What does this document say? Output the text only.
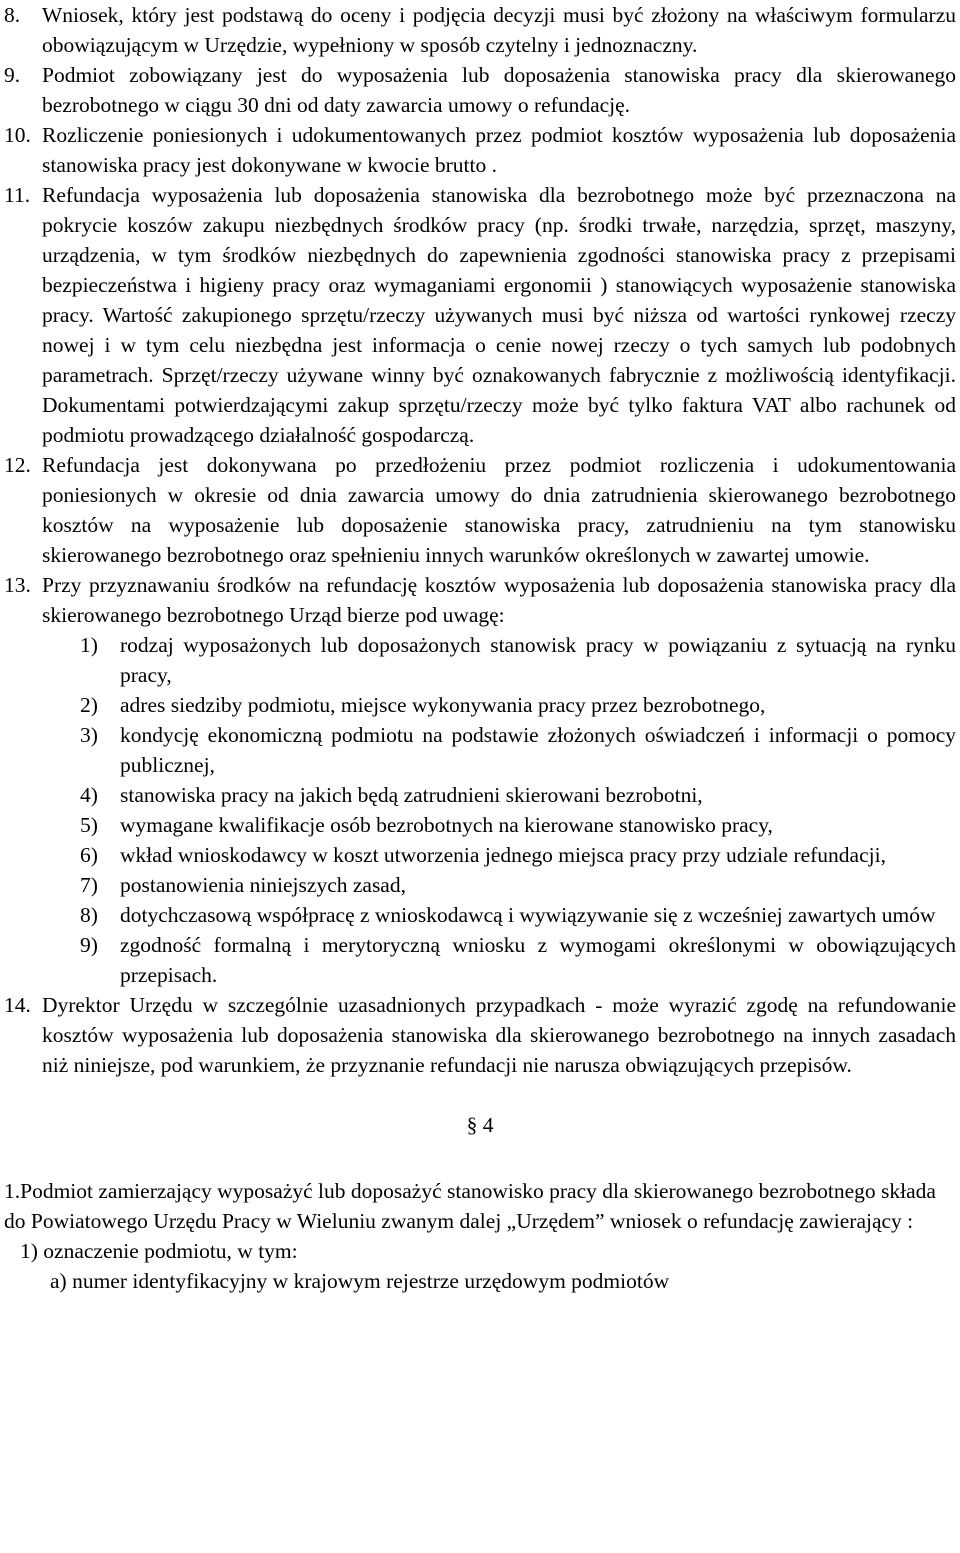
8. Wniosek, który jest podstawą do oceny i podjęcia decyzji musi być złożony na właściwym formularzu obowiązującym w Urzędzie, wypełniony w sposób czytelny i jednoznaczny.
9. Podmiot zobowiązany jest do wyposażenia lub doposażenia stanowiska pracy dla skierowanego bezrobotnego w ciągu 30 dni od daty zawarcia umowy o refundację.
10. Rozliczenie poniesionych i udokumentowanych przez podmiot kosztów wyposażenia lub doposażenia stanowiska pracy jest dokonywane w kwocie brutto .
11. Refundacja wyposażenia lub doposażenia stanowiska dla bezrobotnego może być przeznaczona na pokrycie koszów zakupu niezbędnych środków pracy (np. środki trwałe, narzędzia, sprzęt, maszyny, urządzenia, w tym środków niezbędnych do zapewnienia zgodności stanowiska pracy z przepisami bezpieczeństwa i higieny pracy oraz wymaganiami ergonomii ) stanowiących wyposażenie stanowiska pracy. Wartość zakupionego sprzętu/rzeczy używanych musi być niższa od wartości rynkowej rzeczy nowej i w tym celu niezbędna jest informacja o cenie nowej rzeczy o tych samych lub podobnych parametrach. Sprzęt/rzeczy używane winny być oznakowanych fabrycznie z możliwością identyfikacji. Dokumentami potwierdzającymi zakup sprzętu/rzeczy może być tylko faktura VAT albo rachunek od podmiotu prowadzącego działalność gospodarczą.
12. Refundacja jest dokonywana po przedłożeniu przez podmiot rozliczenia i udokumentowania poniesionych w okresie od dnia zawarcia umowy do dnia zatrudnienia skierowanego bezrobotnego kosztów na wyposażenie lub doposażenie stanowiska pracy, zatrudnieniu na tym stanowisku skierowanego bezrobotnego oraz spełnieniu innych warunków określonych w zawartej umowie.
13. Przy przyznawaniu środków na refundację kosztów wyposażenia lub doposażenia stanowiska pracy dla skierowanego bezrobotnego Urząd bierze pod uwagę:
1) rodzaj wyposażonych lub doposażonych stanowisk pracy w powiązaniu z sytuacją na rynku pracy,
2) adres siedziby podmiotu, miejsce wykonywania pracy przez bezrobotnego,
3) kondycję ekonomiczną podmiotu na podstawie złożonych oświadczeń i informacji o pomocy publicznej,
4) stanowiska pracy na jakich będą zatrudnieni skierowani bezrobotni,
5) wymagane kwalifikacje osób bezrobotnych na kierowane stanowisko pracy,
6) wkład wnioskodawcy w koszt utworzenia jednego miejsca pracy przy udziale refundacji,
7) postanowienia niniejszych zasad,
8) dotychczasową współpracę z wnioskodawcą i wywiązywanie się z wcześniej zawartych umów
9) zgodność formalną i merytoryczną wniosku z wymogami określonymi w obowiązujących przepisach.
14. Dyrektor Urzędu w szczególnie uzasadnionych przypadkach - może wyrazić zgodę na refundowanie kosztów wyposażenia lub doposażenia stanowiska dla skierowanego bezrobotnego na innych zasadach niż niniejsze, pod warunkiem, że przyznanie refundacji nie narusza obwiązujących przepisów.
§ 4
1.Podmiot zamierzający wyposażyć lub doposażyć stanowisko pracy dla skierowanego bezrobotnego składa do Powiatowego Urzędu Pracy w Wieluniu zwanym dalej „Urzędem” wniosek o refundację zawierający :
1) oznaczenie podmiotu, w tym:
a) numer identyfikacyjny w krajowym rejestrze urzędowym podmiotów
